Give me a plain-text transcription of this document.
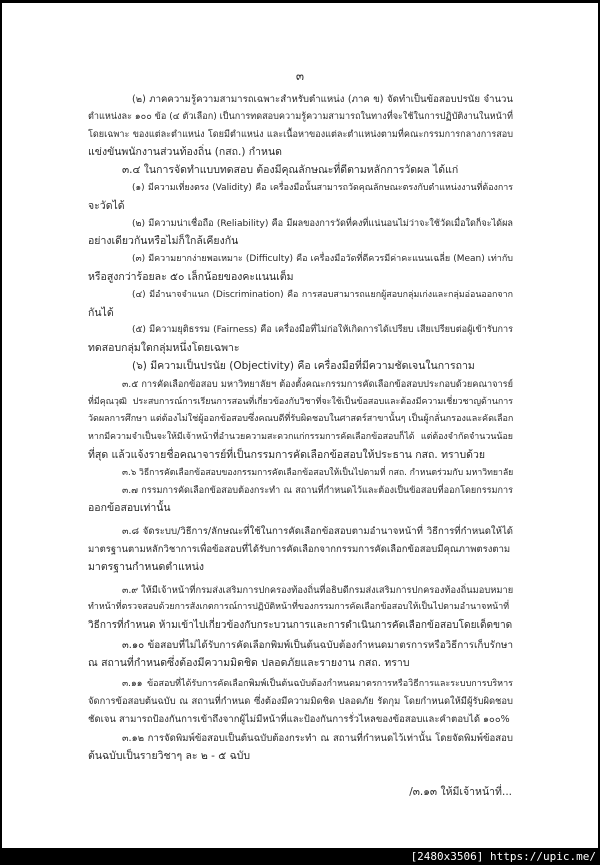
๓
(๒) ภาคความรู้ความสามารถเฉพาะสำหรับตำแหน่ง (ภาค ข) จัดทำเป็นข้อสอบปรนัย จำนวน
ตำแหน่งละ ๑๐๐ ข้อ (๔ ตัวเลือก) เป็นการทดสอบความรู้ความสามารถในทางที่จะใช้ในการปฏิบัติงานในหน้าที่
โดยเฉพาะ ของแต่ละตำแหน่ง โดยมีตำแหน่ง และเนื้อหาของแต่ละตำแหน่งตามที่คณะกรรมการกลางการสอบ
แข่งขันพนักงานส่วนท้องถิ่น (กสถ.) กำหนด
๓.๔ ในการจัดทำแบบทดสอบ ต้องมีคุณลักษณะที่ดีตามหลักการวัดผล ได้แก่
(๑) มีความเที่ยงตรง (Validity) คือ เครื่องมือนั้นสามารถวัดคุณลักษณะตรงกับตำแหน่งงานที่ต้องการ
จะวัดได้
(๒) มีความน่าเชื่อถือ (Reliability) คือ มีผลของการวัดที่คงที่แน่นอนไม่ว่าจะใช้วัดเมื่อใดก็จะได้ผล
อย่างเดียวกันหรือไม่ก็ใกล้เคียงกัน
(๓) มีความยากง่ายพอเหมาะ (Difficulty) คือ เครื่องมือวัดที่ดีควรมีค่าคะแนนเฉลี่ย (Mean) เท่ากับ
หรือสูงกว่าร้อยละ ๕๐ เล็กน้อยของคะแนนเต็ม
(๔) มีอำนาจจำแนก (Discrimination) คือ การสอบสามารถแยกผู้สอบกลุ่มเก่งและกลุ่มอ่อนออกจาก
กันได้
(๕) มีความยุติธรรม (Fairness) คือ เครื่องมือที่ไม่ก่อให้เกิดการได้เปรียบ เสียเปรียบต่อผู้เข้ารับการ
ทดสอบกลุ่มใดกลุ่มหนึ่งโดยเฉพาะ
(๖) มีความเป็นปรนัย (Objectivity) คือ เครื่องมือที่มีความชัดเจนในการถาม
๓.๕ การคัดเลือกข้อสอบ มหาวิทยาลัยฯ ต้องตั้งคณะกรรมการคัดเลือกข้อสอบประกอบด้วยคณาจารย์
ที่มีคุณวุฒิ ประสบการณ์การเรียนการสอนที่เกี่ยวข้องกับวิชาที่จะใช้เป็นข้อสอบและต้องมีความเชี่ยวชาญด้านการ
วัดผลการศึกษา แต่ต้องไม่ใช่ผู้ออกข้อสอบซึ่งคณบดีที่รับผิดชอบในศาสตร์สาขานั้นๆ เป็นผู้กลั่นกรองและคัดเลือก
หากมีความจำเป็นจะให้มีเจ้าหน้าที่อำนวยความสะดวกแก่กรรมการคัดเลือกข้อสอบก็ได้ แต่ต้องจำกัดจำนวนน้อย
ที่สุด แล้วแจ้งรายชื่อคณาจารย์ที่เป็นกรรมการคัดเลือกข้อสอบให้ประธาน กสถ. ทราบด้วย
๓.๖ วิธีการคัดเลือกข้อสอบของกรรมการคัดเลือกข้อสอบให้เป็นไปตามที่ กสถ. กำหนดร่วมกับ มหาวิทยาลัย
๓.๗ กรรมการคัดเลือกข้อสอบต้องกระทำ ณ สถานที่กำหนดไว้และต้องเป็นข้อสอบที่ออกโดยกรรมการ
ออกข้อสอบเท่านั้น
๓.๘ จัดระบบ/วิธีการ/ลักษณะที่ใช้ในการคัดเลือกข้อสอบตามอำนาจหน้าที่ วิธีการที่กำหนดให้ได้
มาตรฐานตามหลักวิชาการเพื่อข้อสอบที่ได้รับการคัดเลือกจากกรรมการคัดเลือกข้อสอบมีคุณภาพตรงตาม
มาตรฐานกำหนดตำแหน่ง
๓.๙ ให้มีเจ้าหน้าที่กรมส่งเสริมการปกครองท้องถิ่นที่อธิบดีกรมส่งเสริมการปกครองท้องถิ่นมอบหมาย
ทำหน้าที่ตรวจสอบด้วยการสังเกตการณ์การปฏิบัติหน้าที่ของกรรมการคัดเลือกข้อสอบให้เป็นไปตามอำนาจหน้าที่
วิธีการที่กำหนด ห้ามเข้าไปเกี่ยวข้องกับกระบวนการและการดำเนินการคัดเลือกข้อสอบโดยเด็ดขาด
๓.๑๐ ข้อสอบที่ไม่ได้รับการคัดเลือกพิมพ์เป็นต้นฉบับต้องกำหนดมาตรการหรือวิธีการเก็บรักษา
ณ สถานที่กำหนดซึ่งต้องมีความมิดชิด ปลอดภัยและรายงาน กสถ. ทราบ
๓.๑๑ ข้อสอบที่ได้รับการคัดเลือกพิมพ์เป็นต้นฉบับต้องกำหนดมาตรการหรือวิธีการและระบบการบริหาร
จัดการข้อสอบต้นฉบับ ณ สถานที่กำหนด ซึ่งต้องมีความมิดชิด ปลอดภัย รัดกุม โดยกำหนดให้มีผู้รับผิดชอบ
ชัดเจน สามารถป้องกันการเข้าถึงจากผู้ไม่มีหน้าที่และป้องกันการรั่วไหลของข้อสอบและคำตอบได้ ๑๐๐%
๓.๑๒ การจัดพิมพ์ข้อสอบเป็นต้นฉบับต้องกระทำ ณ สถานที่กำหนดไว้เท่านั้น โดยจัดพิมพ์ข้อสอบ
ต้นฉบับเป็นรายวิชาๆ ละ ๒ - ๕ ฉบับ
/๓.๑๓ ให้มีเจ้าหน้าที่...
[2480x3506] https://upic.me/
